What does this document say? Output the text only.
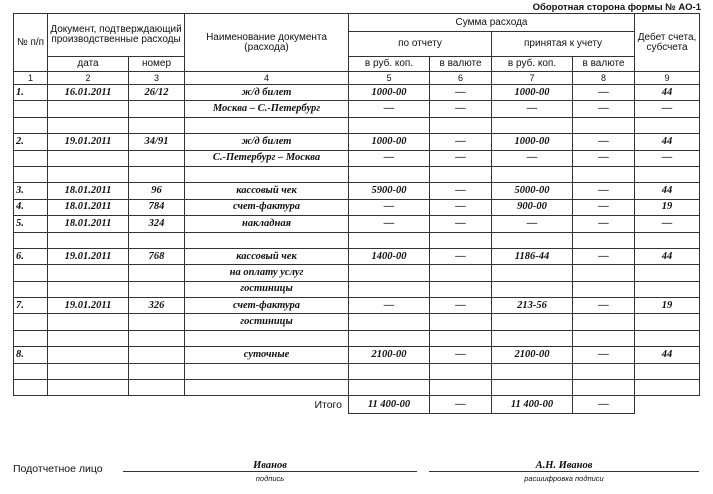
Оборотная сторона формы № АО-1
№ п/п	Документ, подтверждающий производственные расходы		Наименование документа (расхода)	Сумма расхода				Дебет счета, субсчета
				по отчету		принятая к учету		
	дата	номер		в руб. коп.	в валюте	в руб. коп.	в валюте	
1	2	3	4	5	6	7	8	9
1.	16.01.2011	26/12	ж/д билет	1000-00	—	1000-00	—	44
			Москва – С.-Петербург	—	—	—	—	—

2.	19.01.2011	34/91	ж/д билет	1000-00	—	1000-00	—	44
			С.-Петербург – Москва	—	—	—	—	—

3.	18.01.2011	96	кассовый чек	5900-00	—	5000-00	—	44
4.	18.01.2011	784	счет-фактура	—	—	900-00	—	19
5.	18.01.2011	324	накладная	—	—	—	—	—

6.	19.01.2011	768	кассовый чек	1400-00	—	1186-44	—	44
			на оплату услуг					
			гостиницы					
7.	19.01.2011	326	счет-фактура	—	—	213-56	—	19
			гостиницы					

8.			суточные	2100-00	—	2100-00	—	44

Итого				11 400-00	—	11 400-00	—	
Подотчетное лицо	Иванов
подпись
А.Н. Иванов
расшифровка подписи
